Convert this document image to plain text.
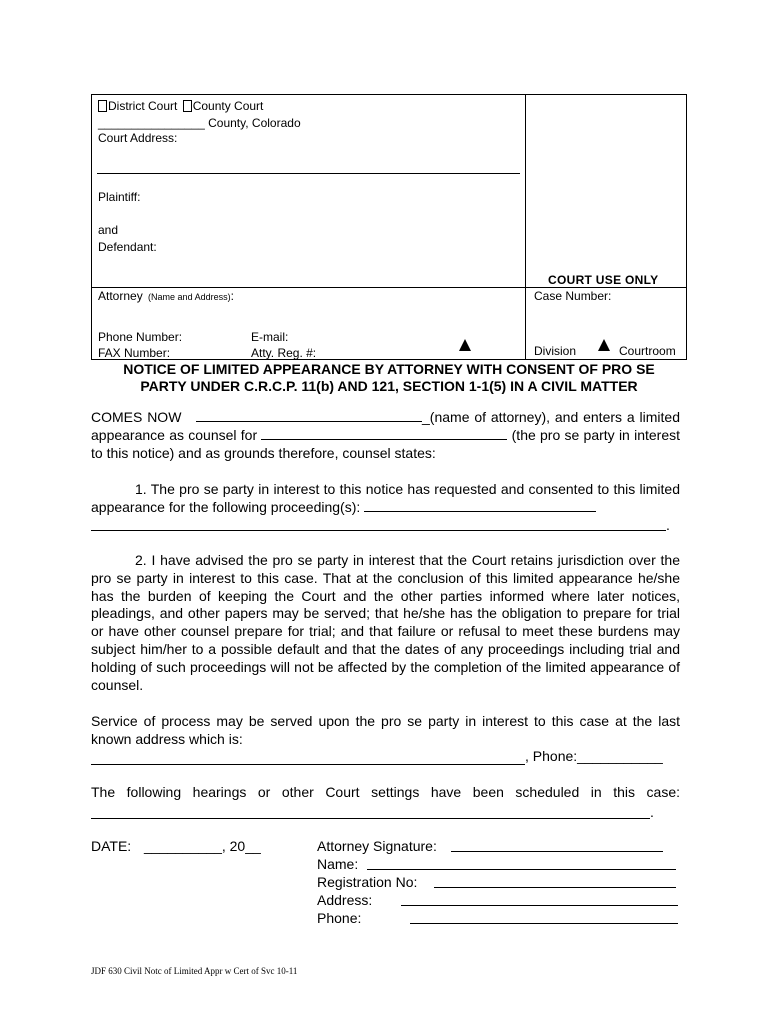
District Court County Court
________________ County, Colorado
Court Address:
Plaintiff:
and
Defendant:
Attorney (Name and Address):
Phone Number:
FAX Number:
E-mail:
Atty. Reg. #:
COURT USE ONLY
Case Number:
Division	Courtroom
NOTICE OF LIMITED APPEARANCE BY ATTORNEY WITH CONSENT OF PRO SE
PARTY UNDER C.R.C.P. 11(b) AND 121, SECTION 1-1(5) IN A CIVIL MATTER
COMES NOW	_(name of attorney), and enters a limited appearance as counsel for	(the pro se party in interest to this notice) and as grounds therefore, counsel states:
1. The pro se party in interest to this notice has requested and consented to this limited appearance for the following proceeding(s):
.
2. I have advised the pro se party in interest that the Court retains jurisdiction over the pro se party in interest to this case. That at the conclusion of this limited appearance he/she has the burden of keeping the Court and the other parties informed where later notices, pleadings, and other papers may be served; that he/she has the obligation to prepare for trial or have other counsel prepare for trial; and that failure or refusal to meet these burdens may subject him/her to a possible default and that the dates of any proceedings including trial and holding of such proceedings will not be affected by the completion of the limited appearance of counsel.
Service of process may be served upon the pro se party in interest to this case at the last known address which is:
, Phone:___________
The following hearings or other Court settings have been scheduled in this case:
.
DATE: __________, 20__	Attorney Signature:
Name:
Registration No:
Address:
Phone:
JDF 630 Civil Notc of Limited Appr w Cert of Svc 10-11
